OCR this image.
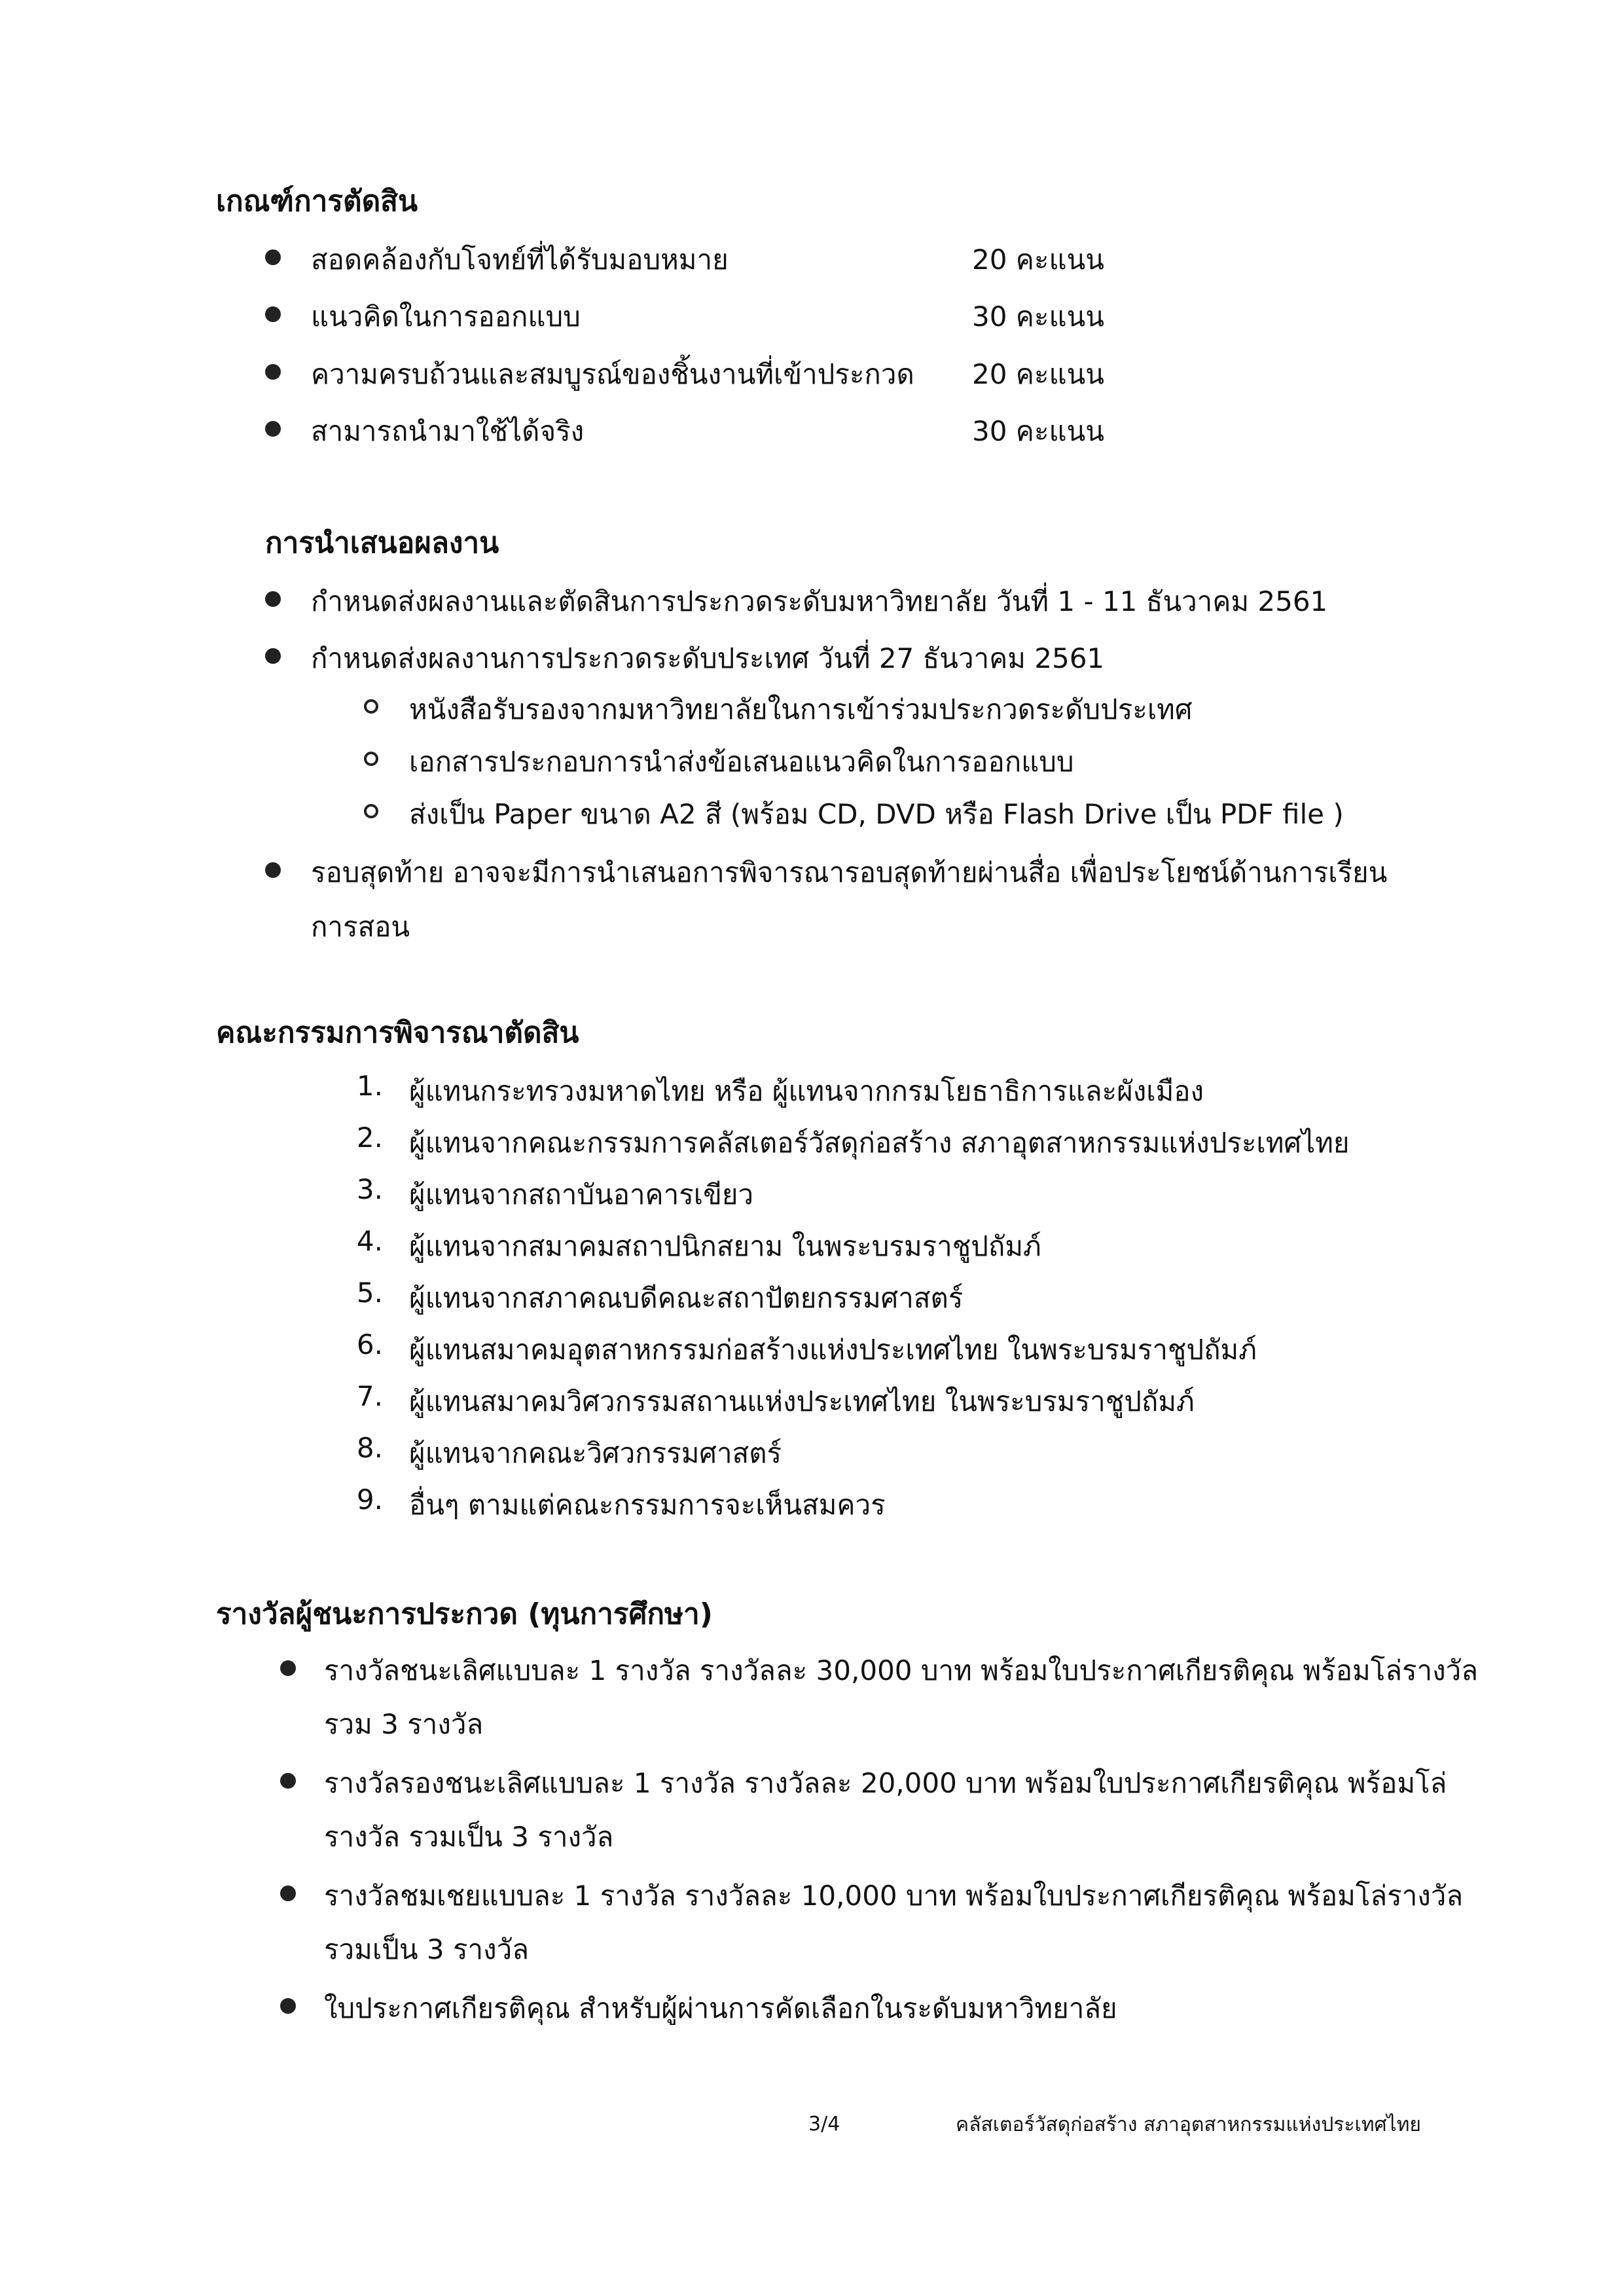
เกณฑ์การตัดสิน
สอดคล้องกับโจทย์ที่ได้รับมอบหมาย	20 คะแนน
แนวคิดในการออกแบบ	30 คะแนน
ความครบถ้วนและสมบูรณ์ของชิ้นงานที่เข้าประกวด 20 คะแนน
สามารถนำมาใช้ได้จริง	30 คะแนน
การนำเสนอผลงาน
กำหนดส่งผลงานและตัดสินการประกวดระดับมหาวิทยาลัย วันที่ 1 - 11 ธันวาคม 2561
กำหนดส่งผลงานการประกวดระดับประเทศ วันที่ 27 ธันวาคม 2561
หนังสือรับรองจากมหาวิทยาลัยในการเข้าร่วมประกวดระดับประเทศ
เอกสารประกอบการนำส่งข้อเสนอแนวคิดในการออกแบบ
ส่งเป็น Paper ขนาด A2 สี (พร้อม CD, DVD หรือ Flash Drive เป็น PDF file )
รอบสุดท้าย อาจจะมีการนำเสนอการพิจารณารอบสุดท้ายผ่านสื่อ เพื่อประโยชน์ด้านการเรียน
การสอน
คณะกรรมการพิจารณาตัดสิน
1. ผู้แทนกระทรวงมหาดไทย หรือ ผู้แทนจากกรมโยธาธิการและผังเมือง
2. ผู้แทนจากคณะกรรมการคลัสเตอร์วัสดุก่อสร้าง สภาอุตสาหกรรมแห่งประเทศไทย
3. ผู้แทนจากสถาบันอาคารเขียว
4. ผู้แทนจากสมาคมสถาปนิกสยาม ในพระบรมราชูปถัมภ์
5. ผู้แทนจากสภาคณบดีคณะสถาปัตยกรรมศาสตร์
6. ผู้แทนสมาคมอุตสาหกรรมก่อสร้างแห่งประเทศไทย ในพระบรมราชูปถัมภ์
7. ผู้แทนสมาคมวิศวกรรมสถานแห่งประเทศไทย ในพระบรมราชูปถัมภ์
8. ผู้แทนจากคณะวิศวกรรมศาสตร์
9. อื่นๆ ตามแต่คณะกรรมการจะเห็นสมควร
รางวัลผู้ชนะการประกวด (ทุนการศึกษา)
รางวัลชนะเลิศแบบละ 1 รางวัล รางวัลละ 30,000 บาท พร้อมใบประกาศเกียรติคุณ พร้อมโล่รางวัล
รวม 3 รางวัล
รางวัลรองชนะเลิศแบบละ 1 รางวัล รางวัลละ 20,000 บาท พร้อมใบประกาศเกียรติคุณ พร้อมโล่
รางวัล รวมเป็น 3 รางวัล
รางวัลชมเชยแบบละ 1 รางวัล รางวัลละ 10,000 บาท พร้อมใบประกาศเกียรติคุณ พร้อมโล่รางวัล
รวมเป็น 3 รางวัล
ใบประกาศเกียรติคุณ สำหรับผู้ผ่านการคัดเลือกในระดับมหาวิทยาลัย
3/4	คลัสเตอร์วัสดุก่อสร้าง สภาอุตสาหกรรมแห่งประเทศไทย
